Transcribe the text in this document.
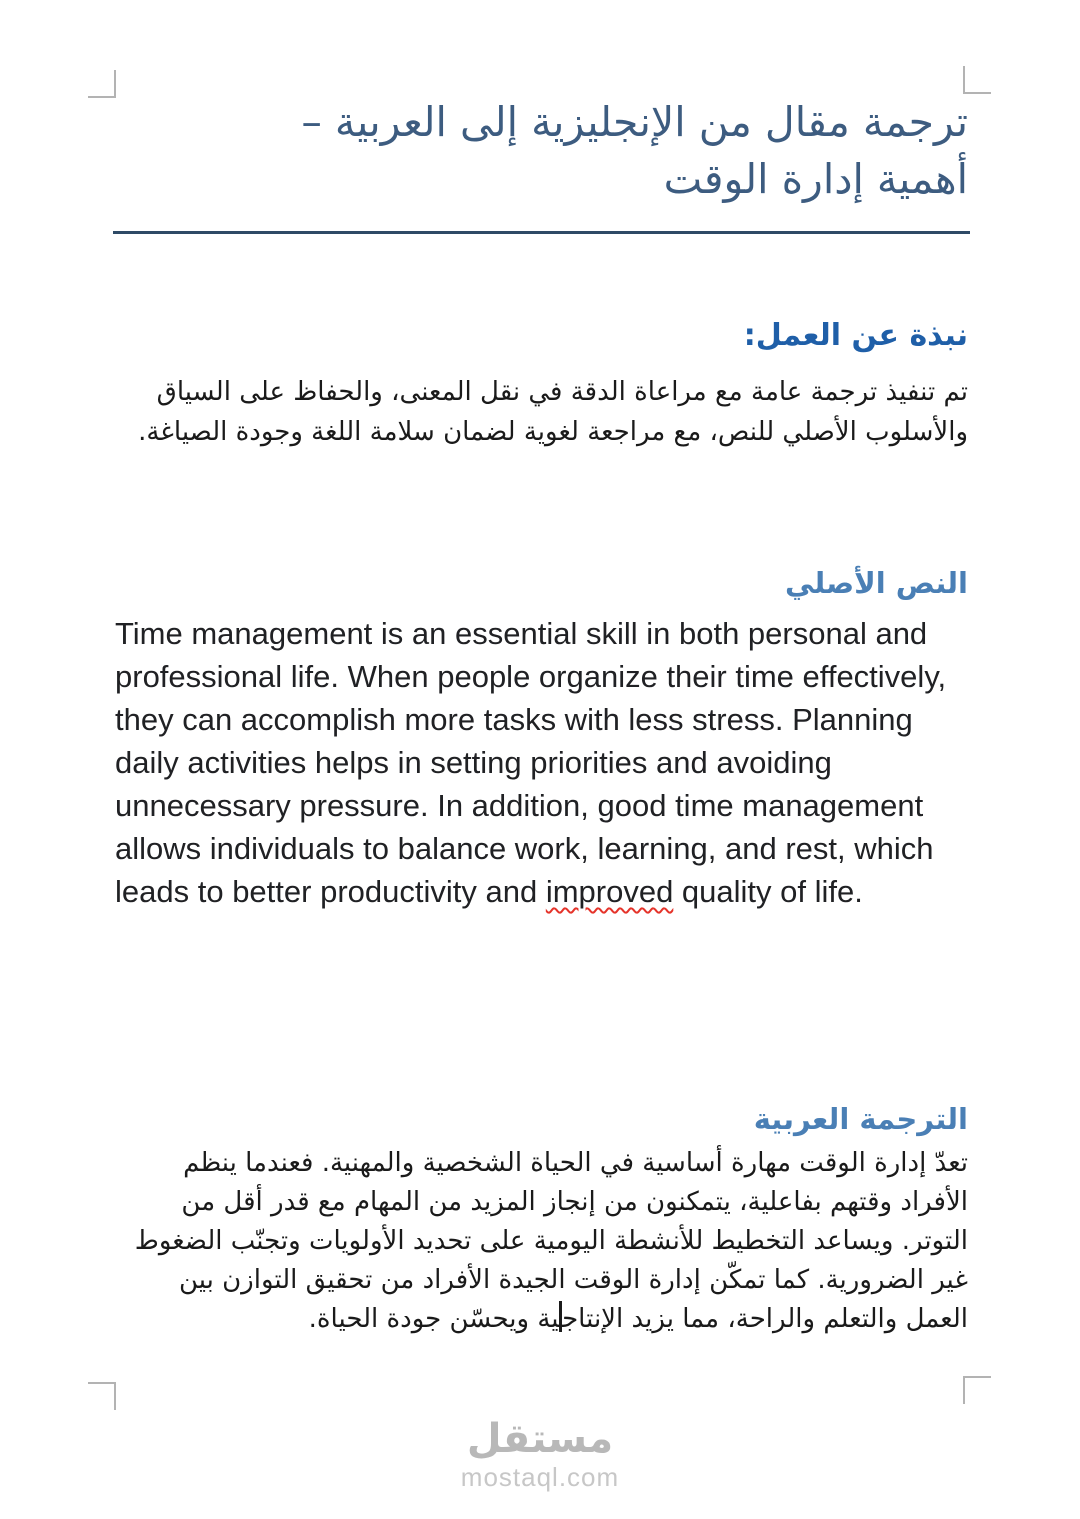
ترجمة مقال من الإنجليزية إلى العربية –
أهمية إدارة الوقت
نبذة عن العمل:

تم تنفيذ ترجمة عامة مع مراعاة الدقة في نقل المعنى، والحفاظ على السياق والأسلوب الأصلي للنص، مع مراجعة لغوية لضمان سلامة اللغة وجودة الصياغة.

النص الأصلي

Time management is an essential skill in both personal and professional life. When people organize their time effectively, they can accomplish more tasks with less stress. Planning daily activities helps in setting priorities and avoiding unnecessary pressure. In addition, good time management allows individuals to balance work, learning, and rest, which leads to better productivity and improved quality of life.

الترجمة العربية

تعدّ إدارة الوقت مهارة أساسية في الحياة الشخصية والمهنية. فعندما ينظم الأفراد وقتهم بفاعلية، يتمكنون من إنجاز المزيد من المهام مع قدر أقل من التوتر. ويساعد التخطيط للأنشطة اليومية على تحديد الأولويات وتجنّب الضغوط غير الضرورية. كما تمكّن إدارة الوقت الجيدة الأفراد من تحقيق التوازن بين العمل والتعلم والراحة، مما يزيد الإنتاج‍‍ية ويحسّن جودة الحياة.

مستقل
mostaql.com
